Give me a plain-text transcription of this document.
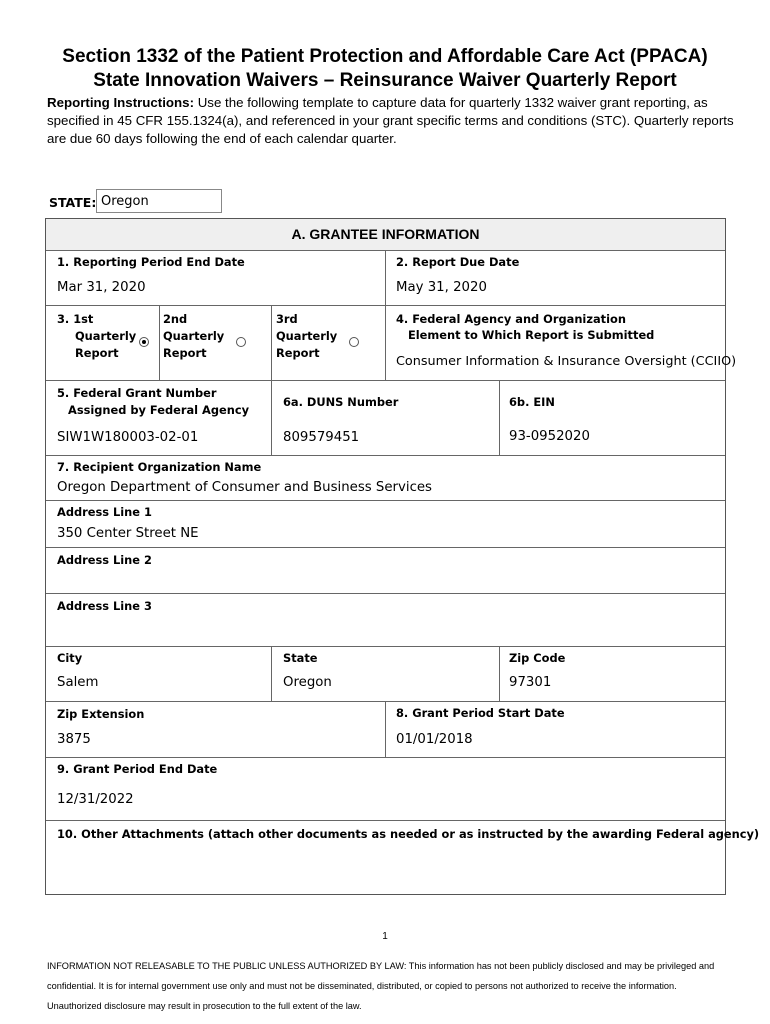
Section 1332 of the Patient Protection and Affordable Care Act (PPACA)
State Innovation Waivers – Reinsurance Waiver Quarterly Report
Reporting Instructions: Use the following template to capture data for quarterly 1332 waiver grant reporting, as specified in 45 CFR 155.1324(a), and referenced in your grant specific terms and conditions (STC). Quarterly reports are due 60 days following the end of each calendar quarter.
STATE: Oregon
A. GRANTEE INFORMATION
1. Reporting Period End Date
Mar 31, 2020
2. Report Due Date
May 31, 2020
3. 1st
Quarterly
Report
2nd
Quarterly
Report
3rd
Quarterly
Report
4. Federal Agency and Organization
Element to Which Report is Submitted
Consumer Information & Insurance Oversight (CCIIO)
5. Federal Grant Number
Assigned by Federal Agency
SIW1W180003-02-01
6a. DUNS Number
809579451
6b. EIN
93-0952020
7. Recipient Organization Name
Oregon Department of Consumer and Business Services
Address Line 1
350 Center Street NE
Address Line 2
Address Line 3
City
Salem
State
Oregon
Zip Code
97301
Zip Extension
3875
8. Grant Period Start Date
01/01/2018
9. Grant Period End Date
12/31/2022
10. Other Attachments (attach other documents as needed or as instructed by the awarding Federal agency)
1
INFORMATION NOT RELEASABLE TO THE PUBLIC UNLESS AUTHORIZED BY LAW: This information has not been publicly disclosed and may be privileged and confidential. It is for internal government use only and must not be disseminated, distributed, or copied to persons not authorized to receive the information. Unauthorized disclosure may result in prosecution to the full extent of the law.
